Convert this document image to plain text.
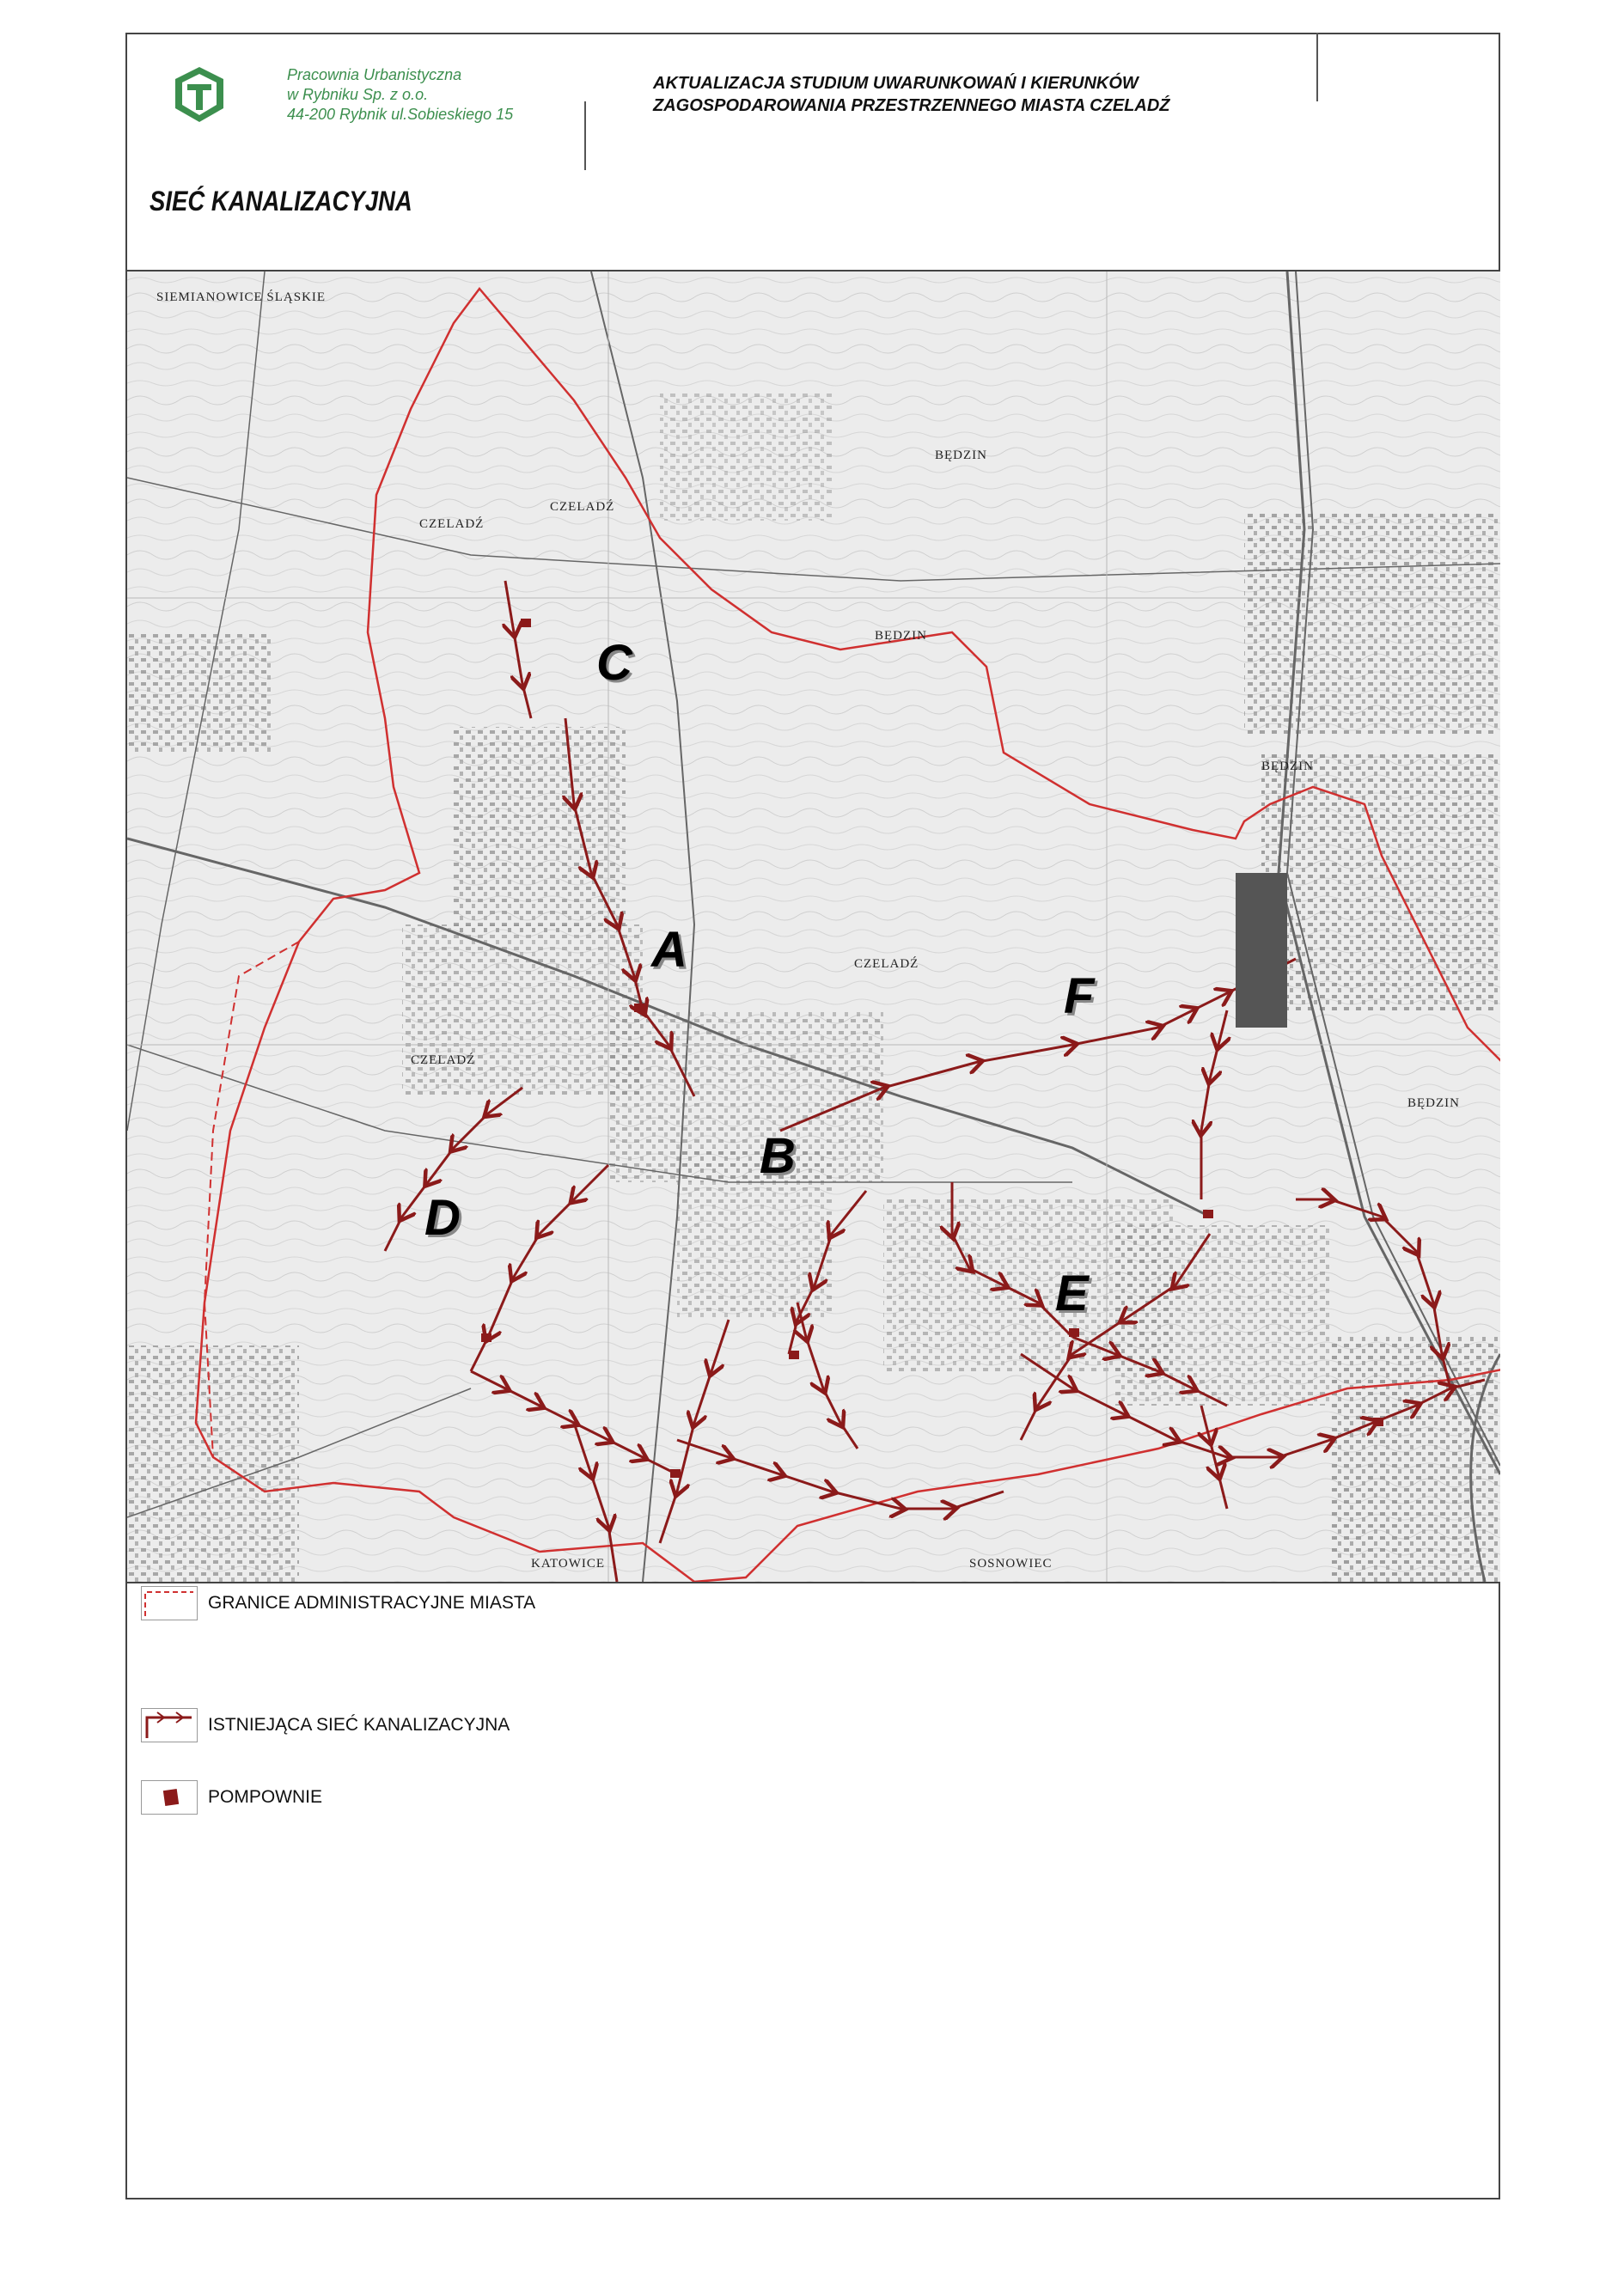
Pracownia Urbanistyczna
w Rybniku Sp. z o.o.
44-200 Rybnik ul.Sobieskiego 15
AKTUALIZACJA STUDIUM UWARUNKOWAŃ I KIERUNKÓW
ZAGOSPODAROWANIA PRZESTRZENNEGO MIASTA CZELADŹ
SIEĆ KANALIZACYJNA
SIEMIANOWICE ŚLĄSKIE
CZELADŹ
CZELADŹ
BĘDZIN
BĘDZIN
BĘDZIN
BĘDZIN
CZELADŹ
CZELADŹ
KATOWICE	SOSNOWIEC
A
B
C
D
E
F
GRANICE ADMINISTRACYJNE MIASTA
ISTNIEJĄCA SIEĆ KANALIZACYJNA
POMPOWNIE
